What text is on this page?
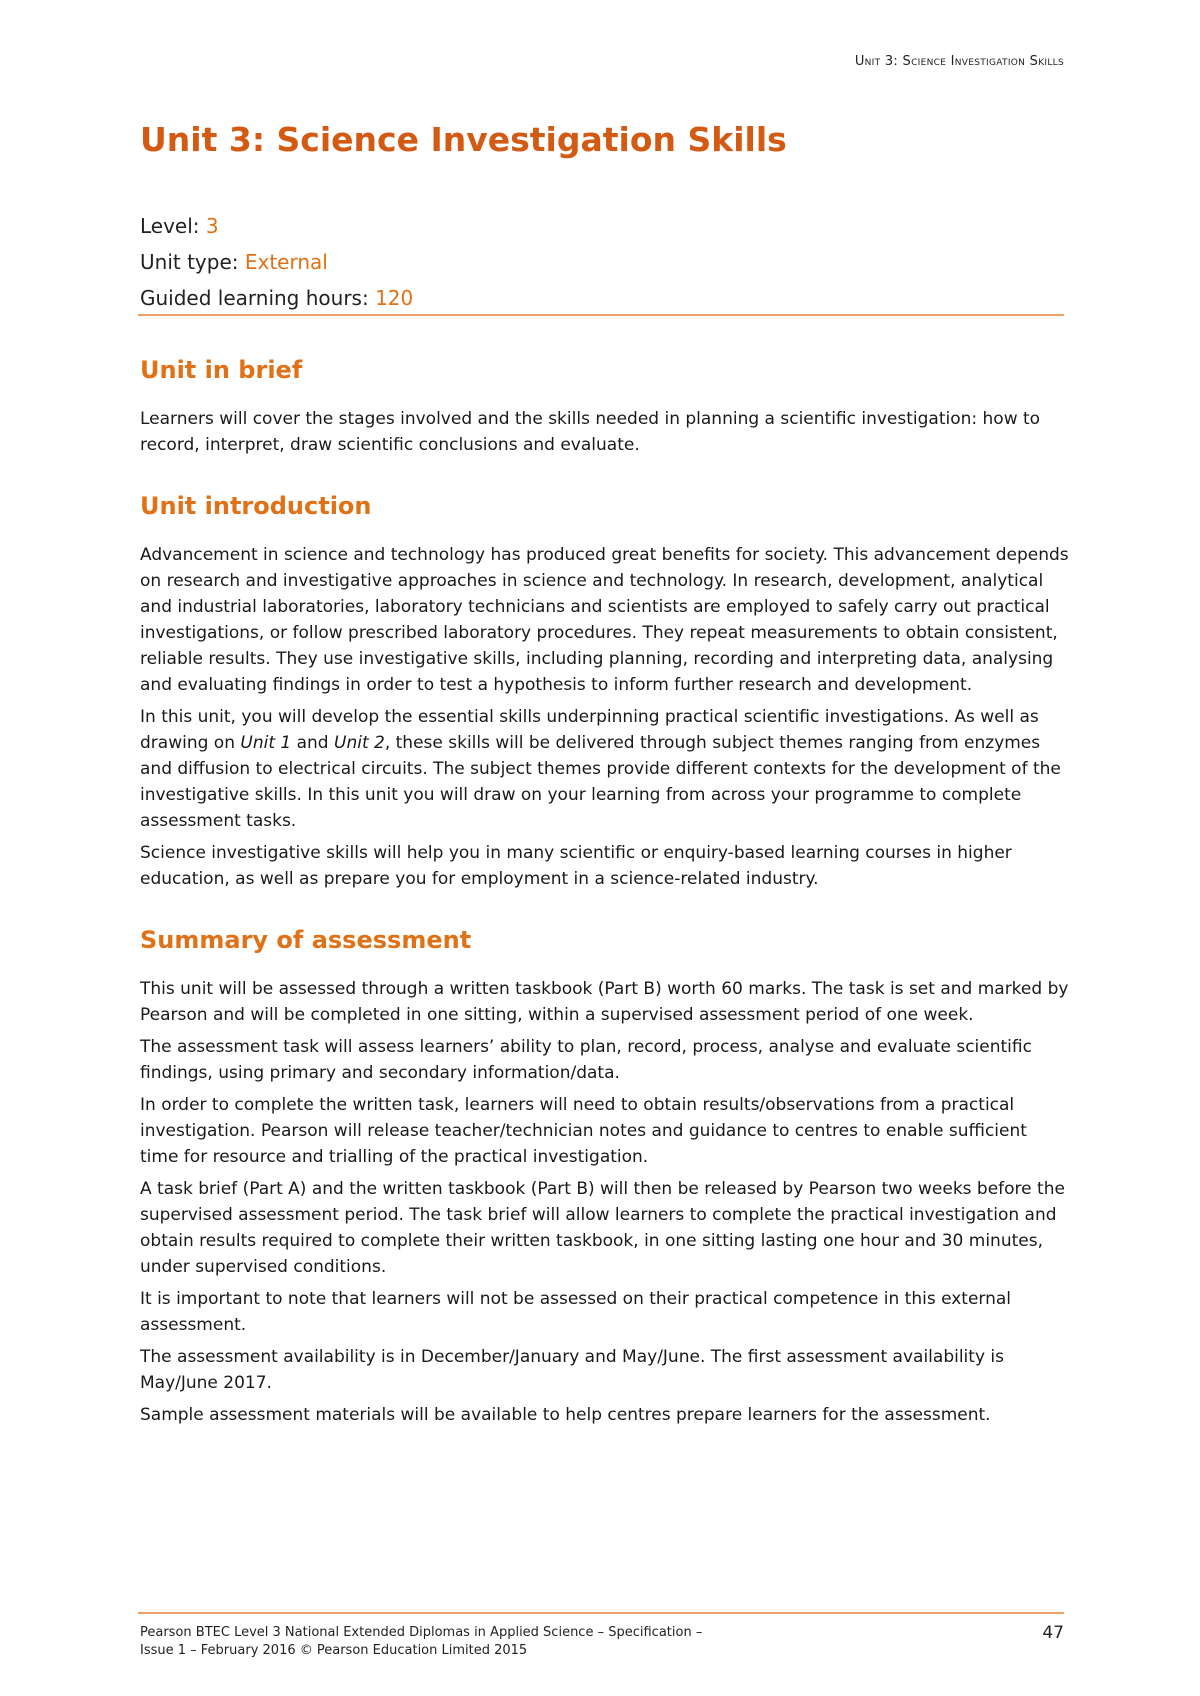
Unit 3: Science Investigation Skills
Unit 3: Science Investigation Skills
Level: 3
Unit type: External
Guided learning hours: 120
Unit in brief

Learners will cover the stages involved and the skills needed in planning a scientific investigation: how to record, interpret, draw scientific conclusions and evaluate.

Unit introduction

Advancement in science and technology has produced great benefits for society. This advancement depends on research and investigative approaches in science and technology. In research, development, analytical and industrial laboratories, laboratory technicians and scientists are employed to safely carry out practical investigations, or follow prescribed laboratory procedures. They repeat measurements to obtain consistent, reliable results. They use investigative skills, including planning, recording and interpreting data, analysing and evaluating findings in order to test a hypothesis to inform further research and development.

In this unit, you will develop the essential skills underpinning practical scientific investigations. As well as drawing on Unit 1 and Unit 2, these skills will be delivered through subject themes ranging from enzymes and diffusion to electrical circuits. The subject themes provide different contexts for the development of the investigative skills. In this unit you will draw on your learning from across your programme to complete assessment tasks.

Science investigative skills will help you in many scientific or enquiry-based learning courses in higher education, as well as prepare you for employment in a science-related industry.

Summary of assessment

This unit will be assessed through a written taskbook (Part B) worth 60 marks. The task is set and marked by Pearson and will be completed in one sitting, within a supervised assessment period of one week.

The assessment task will assess learners’ ability to plan, record, process, analyse and evaluate scientific findings, using primary and secondary information/data.

In order to complete the written task, learners will need to obtain results/observations from a practical investigation. Pearson will release teacher/technician notes and guidance to centres to enable sufficient time for resource and trialling of the practical investigation.

A task brief (Part A) and the written taskbook (Part B) will then be released by Pearson two weeks before the supervised assessment period. The task brief will allow learners to complete the practical investigation and obtain results required to complete their written taskbook, in one sitting lasting one hour and 30 minutes, under supervised conditions.

It is important to note that learners will not be assessed on their practical competence in this external assessment.

The assessment availability is in December/January and May/June. The first assessment availability is May/June 2017.

Sample assessment materials will be available to help centres prepare learners for the assessment.

Pearson BTEC Level 3 National Extended Diplomas in Applied Science – Specification –
Issue 1 – February 2016 © Pearson Education Limited 2015
47
